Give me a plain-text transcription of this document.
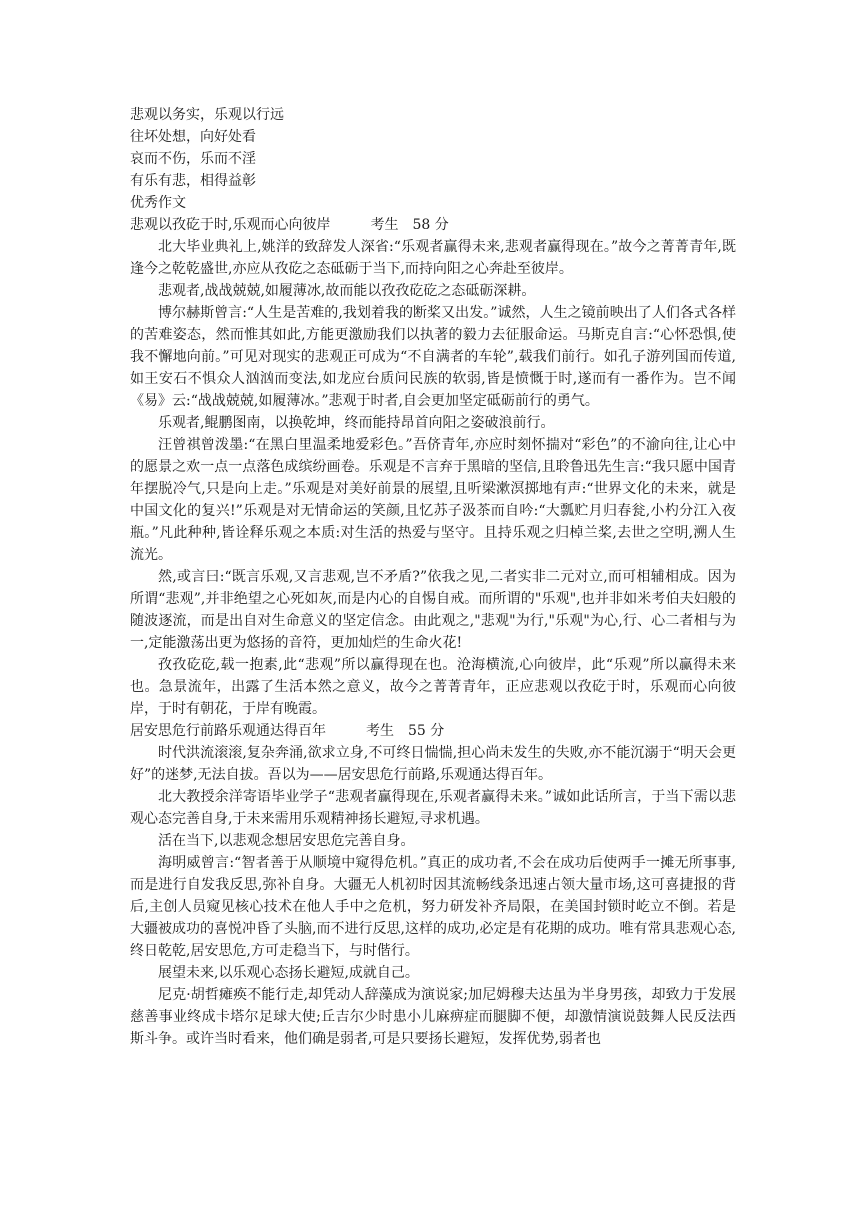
悲观以务实，乐观以行远
往坏处想，向好处看
哀而不伤，乐而不淫
有乐有悲，相得益彰
优秀作文
悲观以孜矻于时,乐观而心向彼岸	考生　58 分

北大毕业典礼上,姚洋的致辞发人深省:“乐观者赢得未来,悲观者赢得现在。”故今之菁菁青年,既逢今之乾乾盛世,亦应从孜矻之态砥砺于当下,而持向阳之心奔赴至彼岸。

悲观者,战战兢兢,如履薄冰,故而能以孜孜矻矻之态砥砺深耕。

博尔赫斯曾言:“人生是苦难的,我划着我的断桨又出发。”诚然，人生之镜前映出了人们各式各样的苦难姿态，然而惟其如此,方能更激励我们以执著的毅力去征服命运。马斯克自言:“心怀恐惧,使我不懈地向前。”可见对现实的悲观正可成为“不自满者的车轮”,载我们前行。如孔子游列国而传道,如王安石不惧众人汹汹而变法,如龙应台质问民族的软弱,皆是愤慨于时,遂而有一番作为。岂不闻《易》云:“战战兢兢,如履薄冰。”悲观于时者,自会更加坚定砥砺前行的勇气。

乐观者,鲲鹏图南，以换乾坤，终而能持昂首向阳之姿破浪前行。

汪曾祺曾泼墨:“在黑白里温柔地爱彩色。”吾侪青年,亦应时刻怀揣对“彩色”的不渝向往,让心中的愿景之欢一点一点落色成缤纷画卷。乐观是不言弃于黑暗的坚信,且聆鲁迅先生言:“我只愿中国青年摆脱冷气,只是向上走。”乐观是对美好前景的展望,且听梁漱溟掷地有声:“世界文化的未来，就是中国文化的复兴!”乐观是对无情命运的笑颜,且忆苏子汲茶而自吟:“大瓢贮月归春瓮,小杓分江入夜瓶。”凡此种种,皆诠释乐观之本质:对生活的热爱与坚守。且持乐观之归棹兰桨,去世之空明,溯人生流光。

然,或言曰:“既言乐观,又言悲观,岂不矛盾?”依我之见,二者实非二元对立,而可相辅相成。因为所谓“悲观”,并非绝望之心死如灰,而是内心的自惕自戒。而所谓的"乐观",也并非如米考伯夫妇般的随波逐流，而是出自对生命意义的坚定信念。由此观之,"悲观"为行,"乐观"为心,行、心二者相与为一,定能激荡出更为悠扬的音符，更加灿烂的生命火花!

孜孜矻矻,载一抱素,此“悲观”所以赢得现在也。沧海横流,心向彼岸，此“乐观”所以赢得未来也。急景流年，出露了生活本然之意义，故今之菁菁青年，正应悲观以孜矻于时，乐观而心向彼岸，于时有朝花，于岸有晚霞。

居安思危行前路乐观通达得百年	考生　55 分

时代洪流滚滚,复杂奔涌,欲求立身,不可终日惴惴,担心尚未发生的失败,亦不能沉溺于“明天会更好”的迷梦,无法自拔。吾以为——居安思危行前路,乐观通达得百年。

北大教授余洋寄语毕业学子“悲观者赢得现在,乐观者赢得未来。”诚如此话所言，于当下需以悲观心态完善自身,于未来需用乐观精神扬长避短,寻求机遇。

活在当下,以悲观念想居安思危完善自身。

海明威曾言:“智者善于从顺境中窥得危机。”真正的成功者,不会在成功后使两手一摊无所事事,而是进行自发我反思,弥补自身。大疆无人机初时因其流畅线条迅速占领大量市场,这可喜捷报的背后,主创人员窥见核心技术在他人手中之危机，努力研发补齐局限，在美国封锁时屹立不倒。若是大疆被成功的喜悦冲昏了头脑,而不进行反思,这样的成功,必定是有花期的成功。唯有常具悲观心态,终日乾乾,居安思危,方可走稳当下，与时偕行。

展望未来,以乐观心态扬长避短,成就自己。

尼克·胡哲瘫痪不能行走,却凭动人辞藻成为演说家;加尼姆穆夫达虽为半身男孩，却致力于发展慈善事业终成卡塔尔足球大使;丘吉尔少时患小儿麻痹症而腿脚不便，却激情演说鼓舞人民反法西斯斗争。或许当时看来，他们确是弱者,可是只要扬长避短，发挥优势,弱者也
